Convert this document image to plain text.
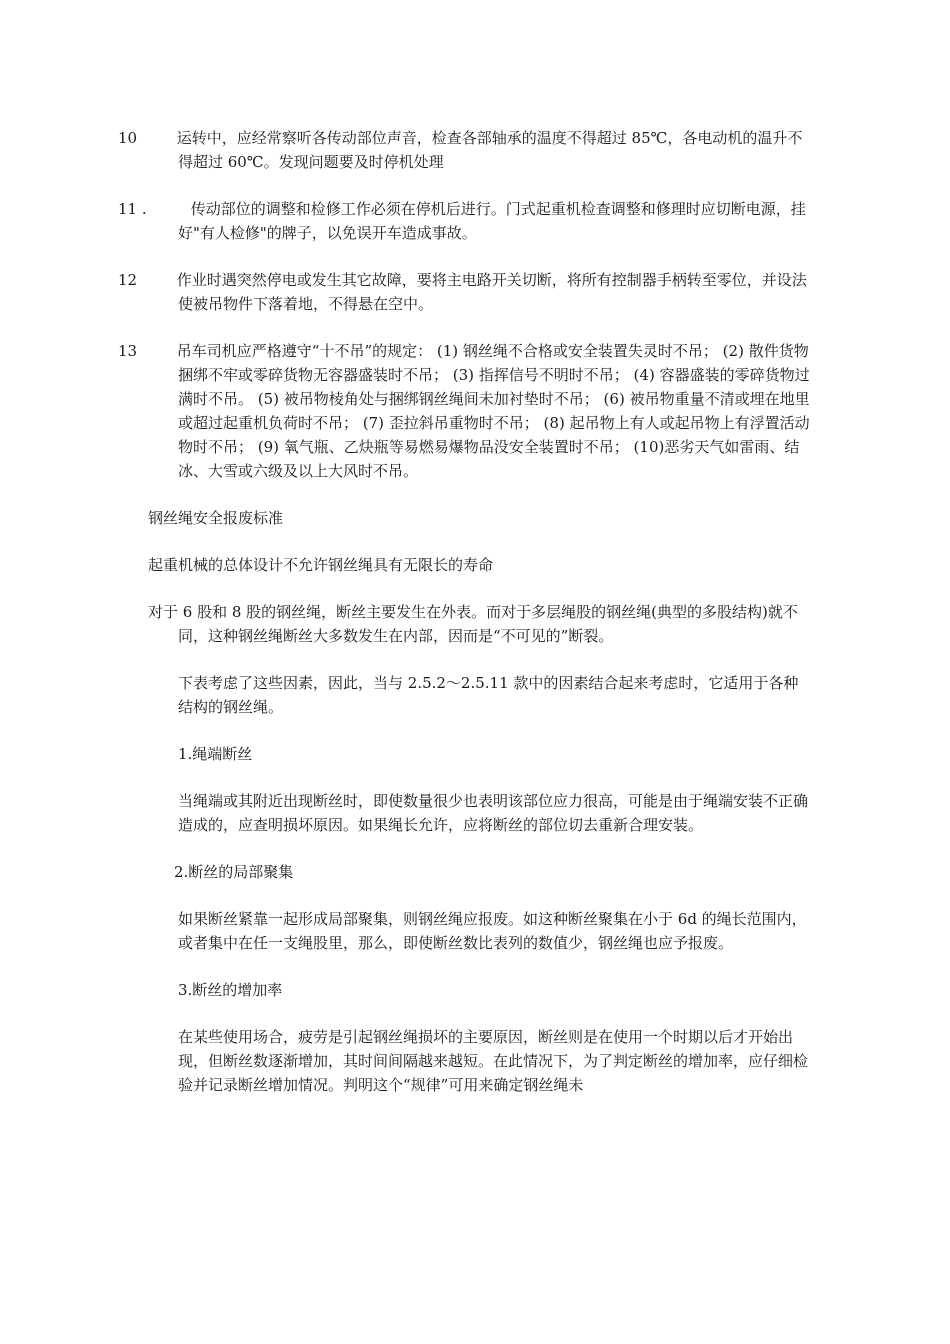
10	运转中，应经常察听各传动部位声音，检查各部轴承的温度不得超过 85℃，各电动机的温升不得超过 60℃。发现问题要及时停机处理

11 .	传动部位的调整和检修工作必须在停机后进行。门式起重机检查调整和修理时应切断电源，挂好"有人检修"的牌子，以免误开车造成事故。

12	作业时遇突然停电或发生其它故障，要将主电路开关切断，将所有控制器手柄转至零位，并设法使被吊物件下落着地，不得悬在空中。

13	吊车司机应严格遵守“十不吊”的规定： (1) 钢丝绳不合格或安全装置失灵时不吊； (2) 散件货物捆绑不牢或零碎货物无容器盛装时不吊； (3) 指挥信号不明时不吊； (4) 容器盛装的零碎货物过满时不吊。 (5) 被吊物棱角处与捆绑钢丝绳间未加衬垫时不吊； (6) 被吊物重量不清或埋在地里或超过起重机负荷时不吊； (7) 歪拉斜吊重物时不吊； (8) 起吊物上有人或起吊物上有浮置活动物时不吊； (9) 氧气瓶、乙炔瓶等易燃易爆物品没安全装置时不吊； (10)恶劣天气如雷雨、结冰、大雪或六级及以上大风时不吊。

钢丝绳安全报废标准

起重机械的总体设计不允许钢丝绳具有无限长的寿命

对于 6 股和 8 股的钢丝绳，断丝主要发生在外表。而对于多层绳股的钢丝绳(典型的多股结构)就不同，这种钢丝绳断丝大多数发生在内部，因而是“不可见的”断裂。

下表考虑了这些因素，因此，当与 2.5.2～2.5.11 款中的因素结合起来考虑时，它适用于各种结构的钢丝绳。

1.绳端断丝

当绳端或其附近出现断丝时，即使数量很少也表明该部位应力很高，可能是由于绳端安装不正确造成的，应查明损坏原因。如果绳长允许，应将断丝的部位切去重新合理安装。

2.断丝的局部聚集

如果断丝紧靠一起形成局部聚集，则钢丝绳应报废。如这种断丝聚集在小于 6d 的绳长范围内，或者集中在任一支绳股里，那么，即使断丝数比表列的数值少，钢丝绳也应予报废。

3.断丝的增加率

在某些使用场合，疲劳是引起钢丝绳损坏的主要原因，断丝则是在使用一个时期以后才开始出现，但断丝数逐渐增加，其时间间隔越来越短。在此情况下，为了判定断丝的增加率，应仔细检验并记录断丝增加情况。判明这个“规律”可用来确定钢丝绳未
